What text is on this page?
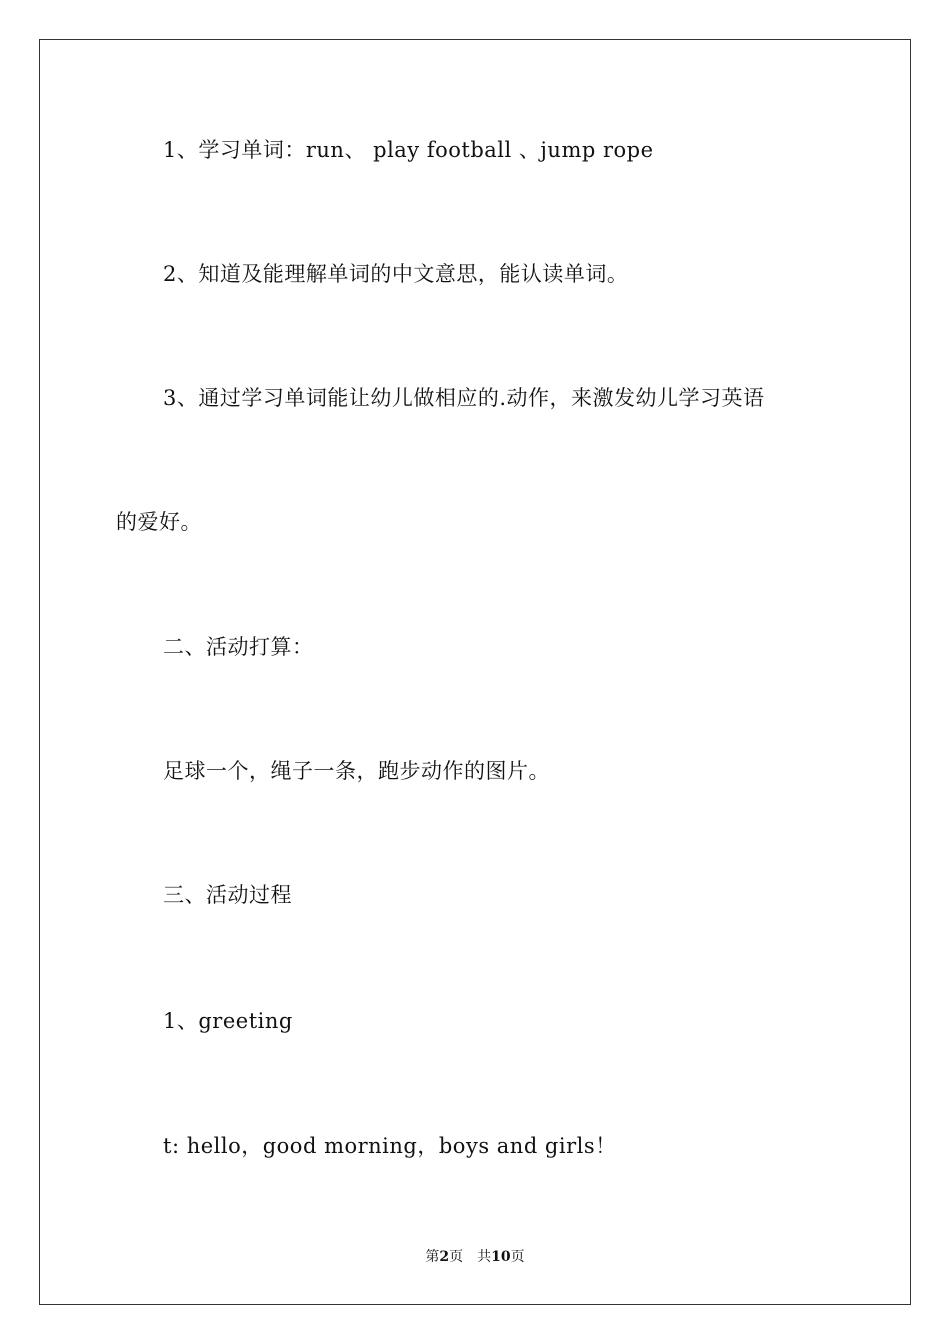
1、学习单词：run、 play football 、jump rope
2、知道及能理解单词的中文意思，能认读单词。
3、通过学习单词能让幼儿做相应的.动作，来激发幼儿学习英语
的爱好。
二、活动打算：
足球一个，绳子一条，跑步动作的图片。
三、活动过程
1、greeting
t: hello，good morning，boys and girls！
第2页 共10页
